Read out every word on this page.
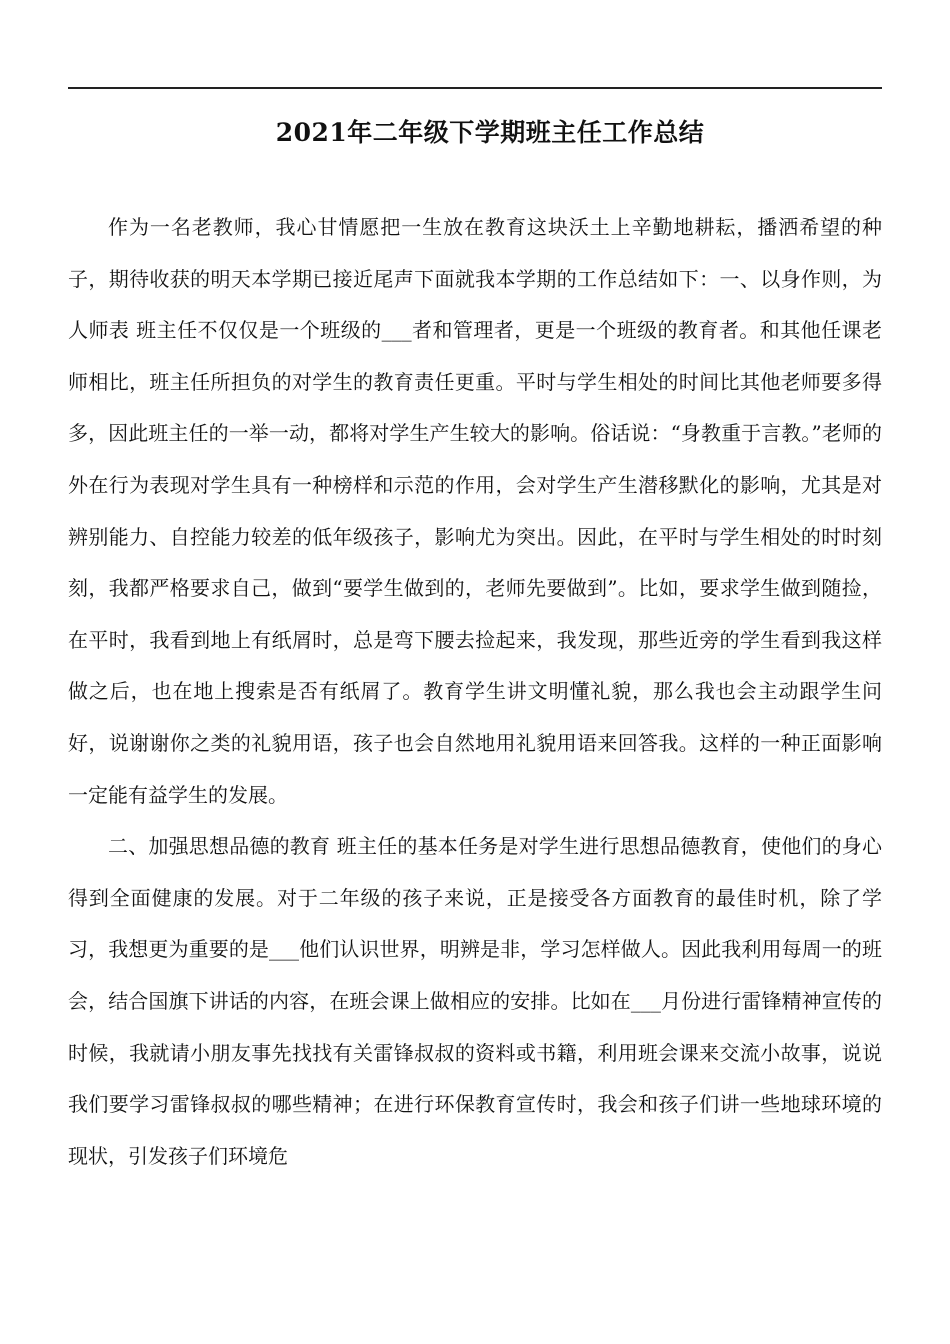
2021年二年级下学期班主任工作总结

作为一名老教师，我心甘情愿把一生放在教育这块沃土上辛勤地耕耘，播洒希望的种子，期待收获的明天本学期已接近尾声下面就我本学期的工作总结如下：一、以身作则，为人师表 班主任不仅仅是一个班级的___者和管理者，更是一个班级的教育者。和其他任课老师相比，班主任所担负的对学生的教育责任更重。平时与学生相处的时间比其他老师要多得多，因此班主任的一举一动，都将对学生产生较大的影响。俗话说：“身教重于言教。”老师的外在行为表现对学生具有一种榜样和示范的作用，会对学生产生潜移默化的影响，尤其是对辨别能力、自控能力较差的低年级孩子，影响尤为突出。因此，在平时与学生相处的时时刻刻，我都严格要求自己，做到“要学生做到的，老师先要做到”。比如，要求学生做到随捡，在平时，我看到地上有纸屑时，总是弯下腰去捡起来，我发现，那些近旁的学生看到我这样做之后，也在地上搜索是否有纸屑了。教育学生讲文明懂礼貌，那么我也会主动跟学生问好，说谢谢你之类的礼貌用语，孩子也会自然地用礼貌用语来回答我。这样的一种正面影响一定能有益学生的发展。

二、加强思想品德的教育 班主任的基本任务是对学生进行思想品德教育，使他们的身心得到全面健康的发展。对于二年级的孩子来说，正是接受各方面教育的最佳时机，除了学习，我想更为重要的是___他们认识世界，明辨是非，学习怎样做人。因此我利用每周一的班会，结合国旗下讲话的内容，在班会课上做相应的安排。比如在___月份进行雷锋精神宣传的时候，我就请小朋友事先找找有关雷锋叔叔的资料或书籍，利用班会课来交流小故事，说说我们要学习雷锋叔叔的哪些精神；在进行环保教育宣传时，我会和孩子们讲一些地球环境的现状，引发孩子们环境危
